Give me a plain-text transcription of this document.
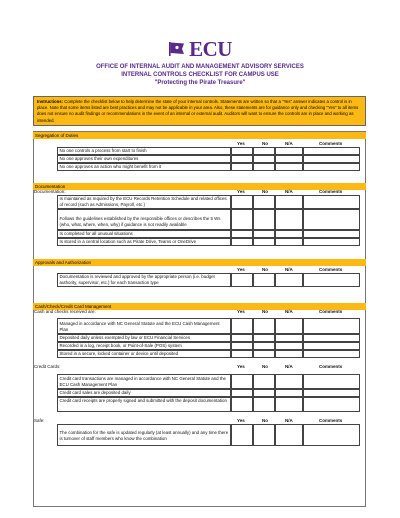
ECU
OFFICE OF INTERNAL AUDIT AND MANAGEMENT ADVISORY SERVICES
INTERNAL CONTROLS CHECKLIST FOR CAMPUS USE
"Protecting the Pirate Treasure"
Instructions: Complete the checklist below to help determine the state of your internal controls. Statements are written so that a "Yes" answer indicates a control is in place. Note that some items listed are best practices and may not be applicable in your area. Also, these statements are for guidance only and checking "Yes" to all items does not ensure no audit findings or recommendations in the event of an internal or external audit. Auditors will want to ensure the controls are in place and working as intended.
Segregation of Duties
Yes	No	N/A	Comments
No one controls a process from start to finish
No one approves their own expenditures
No one approves an action who might benefit from it
Documentation
Documentation:	Yes	No	N/A	Comments
Is maintained as required by the ECU Records Retention Schedule and related offices of record (such as Admissions, Payroll, etc.)
Follows the guidelines established by the responsible offices or describes the 5 Ws (who, what, where, when, why) if guidance is not readily available
Is completed for all unusual situations
Is stored in a central location such as Pirate Drive, Teams or OneDrive
Approvals and Authorization
Yes	No	N/A	Comments
Documentation is reviewed and approved by the appropriate person (i.e. budget authority, supervisor, etc.) for each transaction type
Cash/Check/Credit Card Management
Cash and checks received are:	Yes	No	N/A	Comments
Managed in accordance with NC General Statute and the ECU Cash Management Plan
Deposited daily unless exempted by law or ECU Financial Services
Recorded in a log, receipt book, or Point-of-Sale (POS) system
Stored in a secure, locked container or device until deposited
Credit Cards:	Yes	No	N/A	Comments
Credit card transactions are managed in accordance with NC General Statute and the ECU Cash Management Plan
Credit card sales are deposited daily
Credit card receipts are properly signed and submitted with the deposit documentation
Safe:	Yes	No	N/A	Comments
The combination for the safe is updated regularly (at least annually) and any time there is turnover of staff members who know the combination
